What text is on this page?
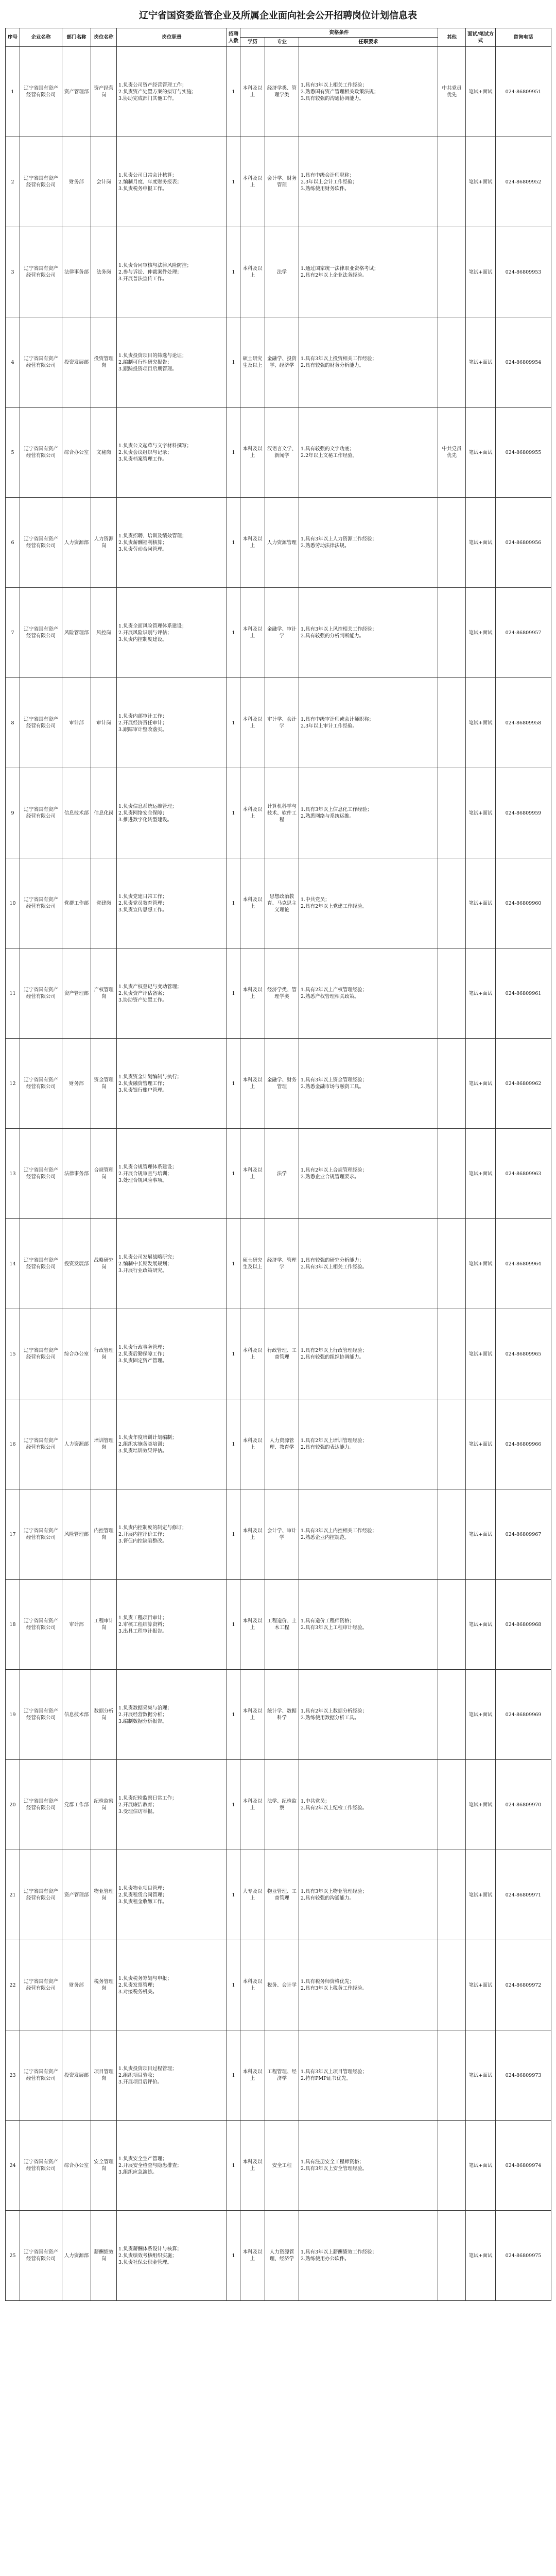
辽宁省国资委监管企业及所属企业面向社会公开招聘岗位计划信息表
序号	企业名称	部门名称	岗位名称	岗位职责	招聘人数	资格条件			其他	面试/笔试方式	咨询电话
						学历	专业	任职要求			
1	辽宁省国有资产经营有限公司	资产管理部	资产经营岗	1.负责公司资产经营管理工作；
2.负责资产处置方案的拟订与实施；
3.协助完成部门其他工作。	1	本科及以上	经济学类、管理学类	1.具有3年以上相关工作经验；
2.熟悉国有资产管理相关政策法规；
3.具有较强的沟通协调能力。	中共党员优先	笔试+面试	024-86809951
2	辽宁省国有资产经营有限公司	财务部	会计岗	1.负责公司日常会计核算；
2.编制月度、年度财务报表；
3.负责税务申报工作。	1	本科及以上	会计学、财务管理	1.具有中级会计师职称；
2.3年以上会计工作经验；
3.熟练使用财务软件。		笔试+面试	024-86809952
3	辽宁省国有资产经营有限公司	法律事务部	法务岗	1.负责合同审核与法律风险防控；
2.参与诉讼、仲裁案件处理；
3.开展普法宣传工作。	1	本科及以上	法学	1.通过国家统一法律职业资格考试；
2.具有2年以上企业法务经验。		笔试+面试	024-86809953
4	辽宁省国有资产经营有限公司	投资发展部	投资管理岗	1.负责投资项目的筛选与论证；
2.编制可行性研究报告；
3.跟踪投资项目后期管理。	1	硕士研究生及以上	金融学、投资学、经济学	1.具有3年以上投资相关工作经验；
2.具有较强的财务分析能力。		笔试+面试	024-86809954
5	辽宁省国有资产经营有限公司	综合办公室	文秘岗	1.负责公文起草与文字材料撰写；
2.负责会议组织与记录；
3.负责档案管理工作。	1	本科及以上	汉语言文学、新闻学	1.具有较强的文字功底；
2.2年以上文秘工作经验。	中共党员优先	笔试+面试	024-86809955
6	辽宁省国有资产经营有限公司	人力资源部	人力资源岗	1.负责招聘、培训及绩效管理；
2.负责薪酬福利核算；
3.负责劳动合同管理。	1	本科及以上	人力资源管理	1.具有3年以上人力资源工作经验；
2.熟悉劳动法律法规。		笔试+面试	024-86809956
7	辽宁省国有资产经营有限公司	风险管理部	风控岗	1.负责全面风险管理体系建设；
2.开展风险识别与评估；
3.负责内控制度建设。	1	本科及以上	金融学、审计学	1.具有3年以上风控相关工作经验；
2.具有较强的分析判断能力。		笔试+面试	024-86809957
8	辽宁省国有资产经营有限公司	审计部	审计岗	1.负责内部审计工作；
2.开展经济责任审计；
3.跟踪审计整改落实。	1	本科及以上	审计学、会计学	1.具有中级审计师或会计师职称；
2.3年以上审计工作经验。		笔试+面试	024-86809958
9	辽宁省国有资产经营有限公司	信息技术部	信息化岗	1.负责信息系统运维管理；
2.负责网络安全保障；
3.推进数字化转型建设。	1	本科及以上	计算机科学与技术、软件工程	1.具有3年以上信息化工作经验；
2.熟悉网络与系统运维。		笔试+面试	024-86809959
10	辽宁省国有资产经营有限公司	党群工作部	党建岗	1.负责党建日常工作；
2.负责党员教育管理；
3.负责宣传思想工作。	1	本科及以上	思想政治教育、马克思主义理论	1.中共党员；
2.具有2年以上党建工作经验。		笔试+面试	024-86809960
11	辽宁省国有资产经营有限公司	资产管理部	产权管理岗	1.负责产权登记与变动管理；
2.负责资产评估备案；
3.协助资产处置工作。	1	本科及以上	经济学类、管理学类	1.具有2年以上产权管理经验；
2.熟悉产权管理相关政策。		笔试+面试	024-86809961
12	辽宁省国有资产经营有限公司	财务部	资金管理岗	1.负责资金计划编制与执行；
2.负责融资管理工作；
3.负责银行账户管理。	1	本科及以上	金融学、财务管理	1.具有3年以上资金管理经验；
2.熟悉金融市场与融资工具。		笔试+面试	024-86809962
13	辽宁省国有资产经营有限公司	法律事务部	合规管理岗	1.负责合规管理体系建设；
2.开展合规审查与培训；
3.处理合规风险事项。	1	本科及以上	法学	1.具有2年以上合规管理经验；
2.熟悉企业合规管理要求。		笔试+面试	024-86809963
14	辽宁省国有资产经营有限公司	投资发展部	战略研究岗	1.负责公司发展战略研究；
2.编制中长期发展规划；
3.开展行业政策研究。	1	硕士研究生及以上	经济学、管理学	1.具有较强的研究分析能力；
2.具有3年以上相关工作经验。		笔试+面试	024-86809964
15	辽宁省国有资产经营有限公司	综合办公室	行政管理岗	1.负责行政事务管理；
2.负责后勤保障工作；
3.负责固定资产管理。	1	本科及以上	行政管理、工商管理	1.具有2年以上行政管理经验；
2.具有较强的组织协调能力。		笔试+面试	024-86809965
16	辽宁省国有资产经营有限公司	人力资源部	培训管理岗	1.负责年度培训计划编制；
2.组织实施各类培训；
3.负责培训效果评估。	1	本科及以上	人力资源管理、教育学	1.具有2年以上培训管理经验；
2.具有较强的表达能力。		笔试+面试	024-86809966
17	辽宁省国有资产经营有限公司	风险管理部	内控管理岗	1.负责内控制度的制定与修订；
2.开展内控评价工作；
3.督促内控缺陷整改。	1	本科及以上	会计学、审计学	1.具有3年以上内控相关工作经验；
2.熟悉企业内控规范。		笔试+面试	024-86809967
18	辽宁省国有资产经营有限公司	审计部	工程审计岗	1.负责工程项目审计；
2.审核工程结算资料；
3.出具工程审计报告。	1	本科及以上	工程造价、土木工程	1.具有造价工程师资格；
2.具有3年以上工程审计经验。		笔试+面试	024-86809968
19	辽宁省国有资产经营有限公司	信息技术部	数据分析岗	1.负责数据采集与治理；
2.开展经营数据分析；
3.编制数据分析报告。	1	本科及以上	统计学、数据科学	1.具有2年以上数据分析经验；
2.熟练使用数据分析工具。		笔试+面试	024-86809969
20	辽宁省国有资产经营有限公司	党群工作部	纪检监察岗	1.负责纪检监察日常工作；
2.开展廉洁教育；
3.受理信访举报。	1	本科及以上	法学、纪检监察	1.中共党员；
2.具有2年以上纪检工作经验。		笔试+面试	024-86809970
21	辽宁省国有资产经营有限公司	资产管理部	物业管理岗	1.负责物业项目管理；
2.负责租赁合同管理；
3.负责租金收缴工作。	1	大专及以上	物业管理、工商管理	1.具有3年以上物业管理经验；
2.具有较强的沟通能力。		笔试+面试	024-86809971
22	辽宁省国有资产经营有限公司	财务部	税务管理岗	1.负责税务筹划与申报；
2.负责发票管理；
3.对接税务机关。	1	本科及以上	税务、会计学	1.具有税务师资格优先；
2.具有3年以上税务工作经验。		笔试+面试	024-86809972
23	辽宁省国有资产经营有限公司	投资发展部	项目管理岗	1.负责投资项目过程管理；
2.组织项目验收；
3.开展项目后评价。	1	本科及以上	工程管理、经济学	1.具有3年以上项目管理经验；
2.持有PMP证书优先。		笔试+面试	024-86809973
24	辽宁省国有资产经营有限公司	综合办公室	安全管理岗	1.负责安全生产管理；
2.开展安全检查与隐患排查；
3.组织应急演练。	1	本科及以上	安全工程	1.具有注册安全工程师资格；
2.具有3年以上安全管理经验。		笔试+面试	024-86809974
25	辽宁省国有资产经营有限公司	人力资源部	薪酬绩效岗	1.负责薪酬体系设计与核算；
2.负责绩效考核组织实施；
3.负责社保公积金管理。	1	本科及以上	人力资源管理、经济学	1.具有3年以上薪酬绩效工作经验；
2.熟练使用办公软件。		笔试+面试	024-86809975
